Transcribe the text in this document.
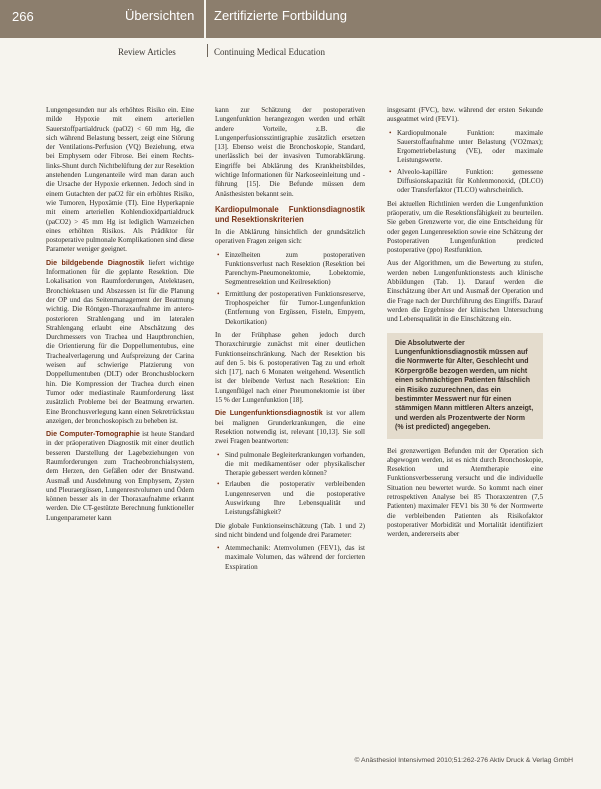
266	Übersichten Zertifizierte Fortbildung
Review Articles	Continuing Medical Education

Lungengesunden nur als erhöhtes Risiko ein. Eine milde Hypoxie mit einem arteriellen Sauerstoffpartialdruck (paO2) < 60 mm Hg, die sich während Belastung bessert, zeigt eine Störung der Ventilations-Perfusion (VQ) Beziehung, etwa bei Emphysem oder Fibrose. Bei einem Rechts-links-Shunt durch Nichtbelüftung der zur Resektion anstehenden Lungenanteile wird man daran auch die Ursache der Hypoxie erkennen. Jedoch sind in einem Gutachten der paO2 für ein erhöhtes Risiko, wie Tumoren, Hypoxämie (TI). Eine Hyperkapnie mit einem arteriellen Kohlendioxidpartialdruck (paCO2) > 45 mm Hg ist lediglich Warnzeichen eines erhöhten Risikos. Als Prädiktor für postoperative pulmonale Komplikationen sind diese Parameter weniger geeignet.

Die bildgebende Diagnostik liefert wichtige Informationen für die geplante Resektion. Die Lokalisation von Raumforderungen, Atelektasen, Bronchiektasen und Abszessen ist für die Planung der OP und das Seitenmanagement der Beatmung wichtig. Die Röntgen-Thoraxaufnahme im antero-posterioren Strahlengang und im lateralen Strahlengang erlaubt eine Abschätzung des Durchmessers von Trachea und Hauptbronchien, die Orientierung für die Doppellumentubus, eine Trachealverlagerung und Aufspreizung der Carina weisen auf schwierige Platzierung von Doppellumentuben (DLT) oder Bronchusblockern hin. Die Kompression der Trachea durch einen Tumor oder mediastinale Raumforderung lässt zusätzlich Probleme bei der Beatmung erwarten. Eine Bronchusverlegung kann einen Sekretrückstau anzeigen, der bronchoskopisch zu beheben ist.

Die Computer-Tomographie ist heute Standard in der präoperativen Diagnostik mit einer deutlich besseren Darstellung der Lagebeziehungen von Raumforderungen zum Tracheobronchialsystem, dem Herzen, den Gefäßen oder der Brustwand. Ausmaß und Ausdehnung von Emphysem, Zysten und Pleuraergüssen, Lungenrestvolumen und Ödem können besser als in der Thoraxaufnahme erkannt werden. Die CT-gestützte Berechnung funktioneller Lungenparameter kann

kann zur Schätzung der postoperativen Lungenfunktion herangezogen werden und erhält andere Vorteile, z.B. die Lungenperfusionsszintigraphie zusätzlich ersetzen [13]. Ebenso weist die Bronchoskopie, Standard, unerlässlich bei der invasiven Tumorabklärung. Eingriffe bei Abklärung des Krankheitsbildes, wichtige Informationen für Narkoseeinleitung und -führung [15]. Die Befunde müssen dem Anästhesisten bekannt sein.

Kardiopulmonale Funktionsdiagnostik und Resektionskriterien

In die Abklärung hinsichtlich der grundsätzlich operativen Fragen zeigen sich:

• Einzelheiten zum postoperativen Funktionsverlust nach Resektion (Resektion bei Parenchym-Pneumonektomie, Lobektomie, Segmentresektion und Keilresektion)
• Ermittlung der postoperativen Funktionsreserve, Trophospeicher für Tumor-Lungenfunktion (Entfernung von Ergüssen, Fisteln, Empyem, Dekortikation)

In der Frühphase gehen jedoch durch Thoraxchirurgie zunächst mit einer deutlichen Funktionseinschränkung. Nach der Resektion bis auf den 5. bis 6. postoperativen Tag zu und erholt sich [17], nach 6 Monaten weitgehend. Wesentlich ist der bleibende Verlust nach Resektion: Ein Lungenflügel nach einer Pneumonektomie ist über 15 % der Lungenfunktion [18].

Die Lungenfunktionsdiagnostik ist vor allem bei malignen Grunderkrankungen, die eine Resektion notwendig ist, relevant [10,13]. Sie soll zwei Fragen beantworten:

• Sind pulmonale Begleiterkrankungen vorhanden, die mit medikamentöser oder physikalischer Therapie gebessert werden können?
• Erlauben die postoperativ verbleibenden Lungenreserven und die postoperative Auswirkung Ihre Lebensqualität und Leistungsfähigkeit?

Die globale Funktionseinschätzung (Tab. 1 und 2) sind nicht bindend und folgende drei Parameter:

• Atemmechanik: Atemvolumen (FEV1), das ist maximale Volumen, das während der forcierten Exspiration

insgesamt (FVC), bzw. während der ersten Sekunde ausgeatmet wird (FEV1).

• Kardiopulmonale Funktion: maximale Sauerstoffaufnahme unter Belastung (VO2max); Ergometriebelastung (VE), oder maximale Leistungswerte.
• Alveolo-kapilläre Funktion: gemessene Diffusionskapazität für Kohlenmonoxid, (DLCO) oder Transferfaktor (TLCO) wahrscheinlich.

Bei aktuellen Richtlinien werden die Lungenfunktion präoperativ, um die Resektionsfähigkeit zu beurteilen. Sie geben Grenzwerte vor, die eine Entscheidung für oder gegen Lungenresektion sowie eine Schätzung der Postoperativen Lungenfunktion predicted postoperative (ppo) Restfunktion.

Aus der Algorithmen, um die Bewertung zu stufen, werden neben Lungenfunktionstests auch klinische Abbildungen (Tab. 1). Darauf werden die Einschätzung über Art und Ausmaß der Operation und die Frage nach der Durchführung des Eingriffs. Darauf werden die Ergebnisse der klinischen Untersuchung und Lebensqualität in die Einschätzung ein.

Die Absolutwerte der Lungenfunktionsdiagnostik müssen auf die Normwerte für Alter, Geschlecht und Körpergröße bezogen werden, um nicht einen schmächtigen Patienten fälschlich ein Risiko zuzurechnen, das ein bestimmter Messwert nur für einen stämmigen Mann mittleren Alters anzeigt, und werden als Prozentwerte der Norm (% ist predicted) angegeben.

Bei grenzwertigen Befunden mit der Operation sich abgewogen werden, ist es nicht durch Bronchoskopie, Resektion und Atemtherapie eine Funktionsverbesserung versucht und die individuelle Situation neu bewertet wurde. So kommt nach einer retrospektiven Analyse bei 85 Thoraxzentren (7,5 Patienten) maximaler FEV1 bis 30 % der Normwerte die verbleibenden Patienten als Risikofaktor postoperativer Morbidität und Mortalität identifiziert werden, andererseits aber

© Anästhesiol Intensivmed 2010;51:262-276 Aktiv Druck & Verlag GmbH
